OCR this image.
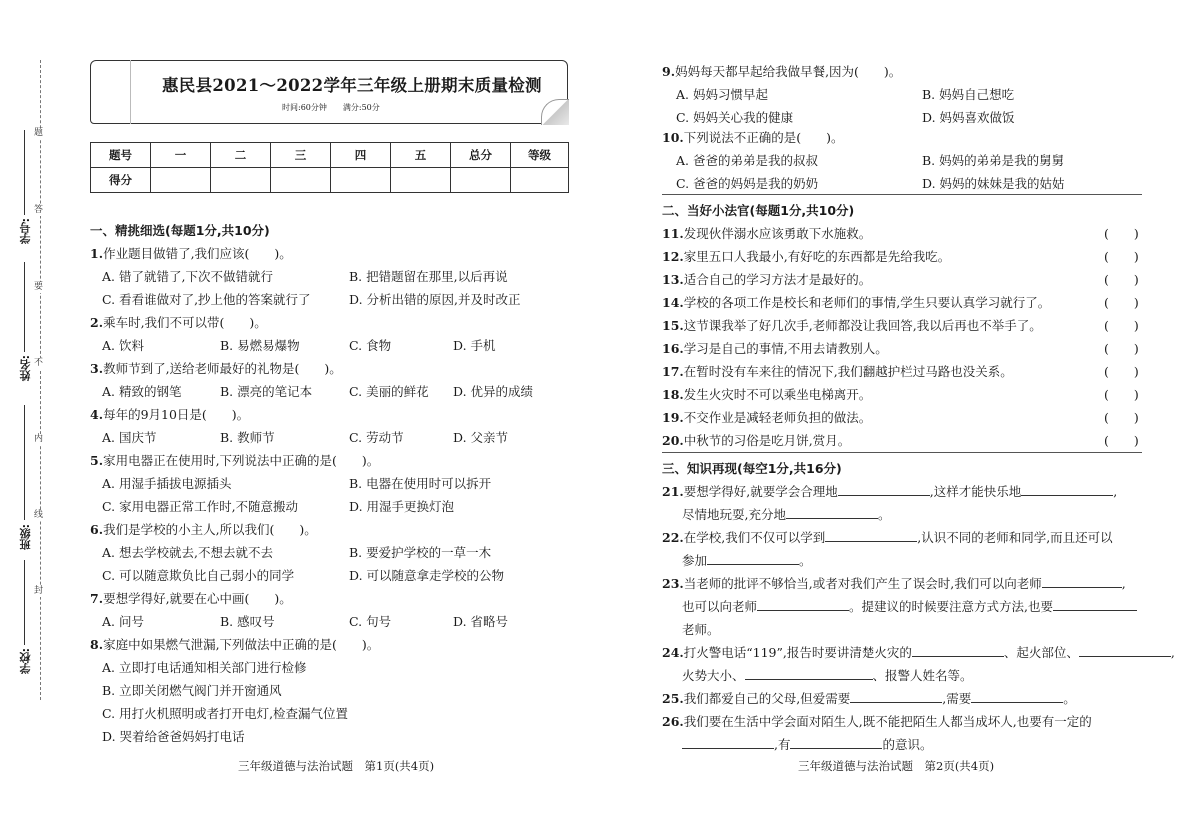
题
答
要
不
内
线
封
学号:
姓名:
班级:
学校:
惠民县2021～2022学年三年级上册期末质量检测
时间:60分钟　　满分:50分
题号	一	二	三	四	五	总分	等级
得分							
一、精挑细选(每题1分,共10分)
1.作业题目做错了,我们应该(　　)。
A. 错了就错了,下次不做错就行	B. 把错题留在那里,以后再说
C. 看看谁做对了,抄上他的答案就行了	D. 分析出错的原因,并及时改正
2.乘车时,我们不可以带(　　)。
A. 饮料	B. 易燃易爆物	C. 食物	D. 手机
3.教师节到了,送给老师最好的礼物是(　　)。
A. 精致的钢笔	B. 漂亮的笔记本	C. 美丽的鲜花 D. 优异的成绩
4.每年的9月10日是(　　)。
A. 国庆节	B. 教师节	C. 劳动节	D. 父亲节
5.家用电器正在使用时,下列说法中正确的是(　　)。
A. 用湿手插拔电源插头	B. 电器在使用时可以拆开
C. 家用电器正常工作时,不随意搬动	D. 用湿手更换灯泡
6.我们是学校的小主人,所以我们(　　)。
A. 想去学校就去,不想去就不去	B. 要爱护学校的一草一木
C. 可以随意欺负比自己弱小的同学	D. 可以随意拿走学校的公物
7.要想学得好,就要在心中画(　　)。
A. 问号	B. 感叹号	C. 句号	D. 省略号
8.家庭中如果燃气泄漏,下列做法中正确的是(　　)。
A. 立即打电话通知相关部门进行检修
B. 立即关闭燃气阀门并开窗通风
C. 用打火机照明或者打开电灯,检查漏气位置
D. 哭着给爸爸妈妈打电话
三年级道德与法治试题　第1页(共4页)
9.妈妈每天都早起给我做早餐,因为(　　)。
A. 妈妈习惯早起	B. 妈妈自己想吃
C. 妈妈关心我的健康	D. 妈妈喜欢做饭
10.下列说法不正确的是(　　)。
A. 爸爸的弟弟是我的叔叔	B. 妈妈的弟弟是我的舅舅
C. 爸爸的妈妈是我的奶奶	D. 妈妈的妹妹是我的姑姑
二、当好小法官(每题1分,共10分)
11.发现伙伴溺水应该勇敢下水施救。	(　　)
12.家里五口人我最小,有好吃的东西都是先给我吃。	(　　)
13.适合自己的学习方法才是最好的。	(　　)
14.学校的各项工作是校长和老师们的事情,学生只要认真学习就行了。	(　　)
15.这节课我举了好几次手,老师都没让我回答,我以后再也不举手了。	(　　)
16.学习是自己的事情,不用去请教别人。	(　　)
17.在暂时没有车来往的情况下,我们翻越护栏过马路也没关系。	(　　)
18.发生火灾时不可以乘坐电梯离开。	(　　)
19.不交作业是减轻老师负担的做法。	(　　)
20.中秋节的习俗是吃月饼,赏月。	(　　)
三、知识再现(每空1分,共16分)
21.要想学得好,就要学会合理地	,这样才能快乐地	,
尽情地玩耍,充分地	。
22.在学校,我们不仅可以学到	,认识不同的老师和同学,而且还可以
参加	。
23.当老师的批评不够恰当,或者对我们产生了误会时,我们可以向老师	,
也可以向老师	。提建议的时候要注意方式方法,也要
老师。
24.打火警电话“119”,报告时要讲清楚火灾的	、起火部位、	,
火势大小、	、报警人姓名等。
25.我们都爱自己的父母,但爱需要	,需要	。
26.我们要在生活中学会面对陌生人,既不能把陌生人都当成坏人,也要有一定的
,有	的意识。
三年级道德与法治试题　第2页(共4页)
